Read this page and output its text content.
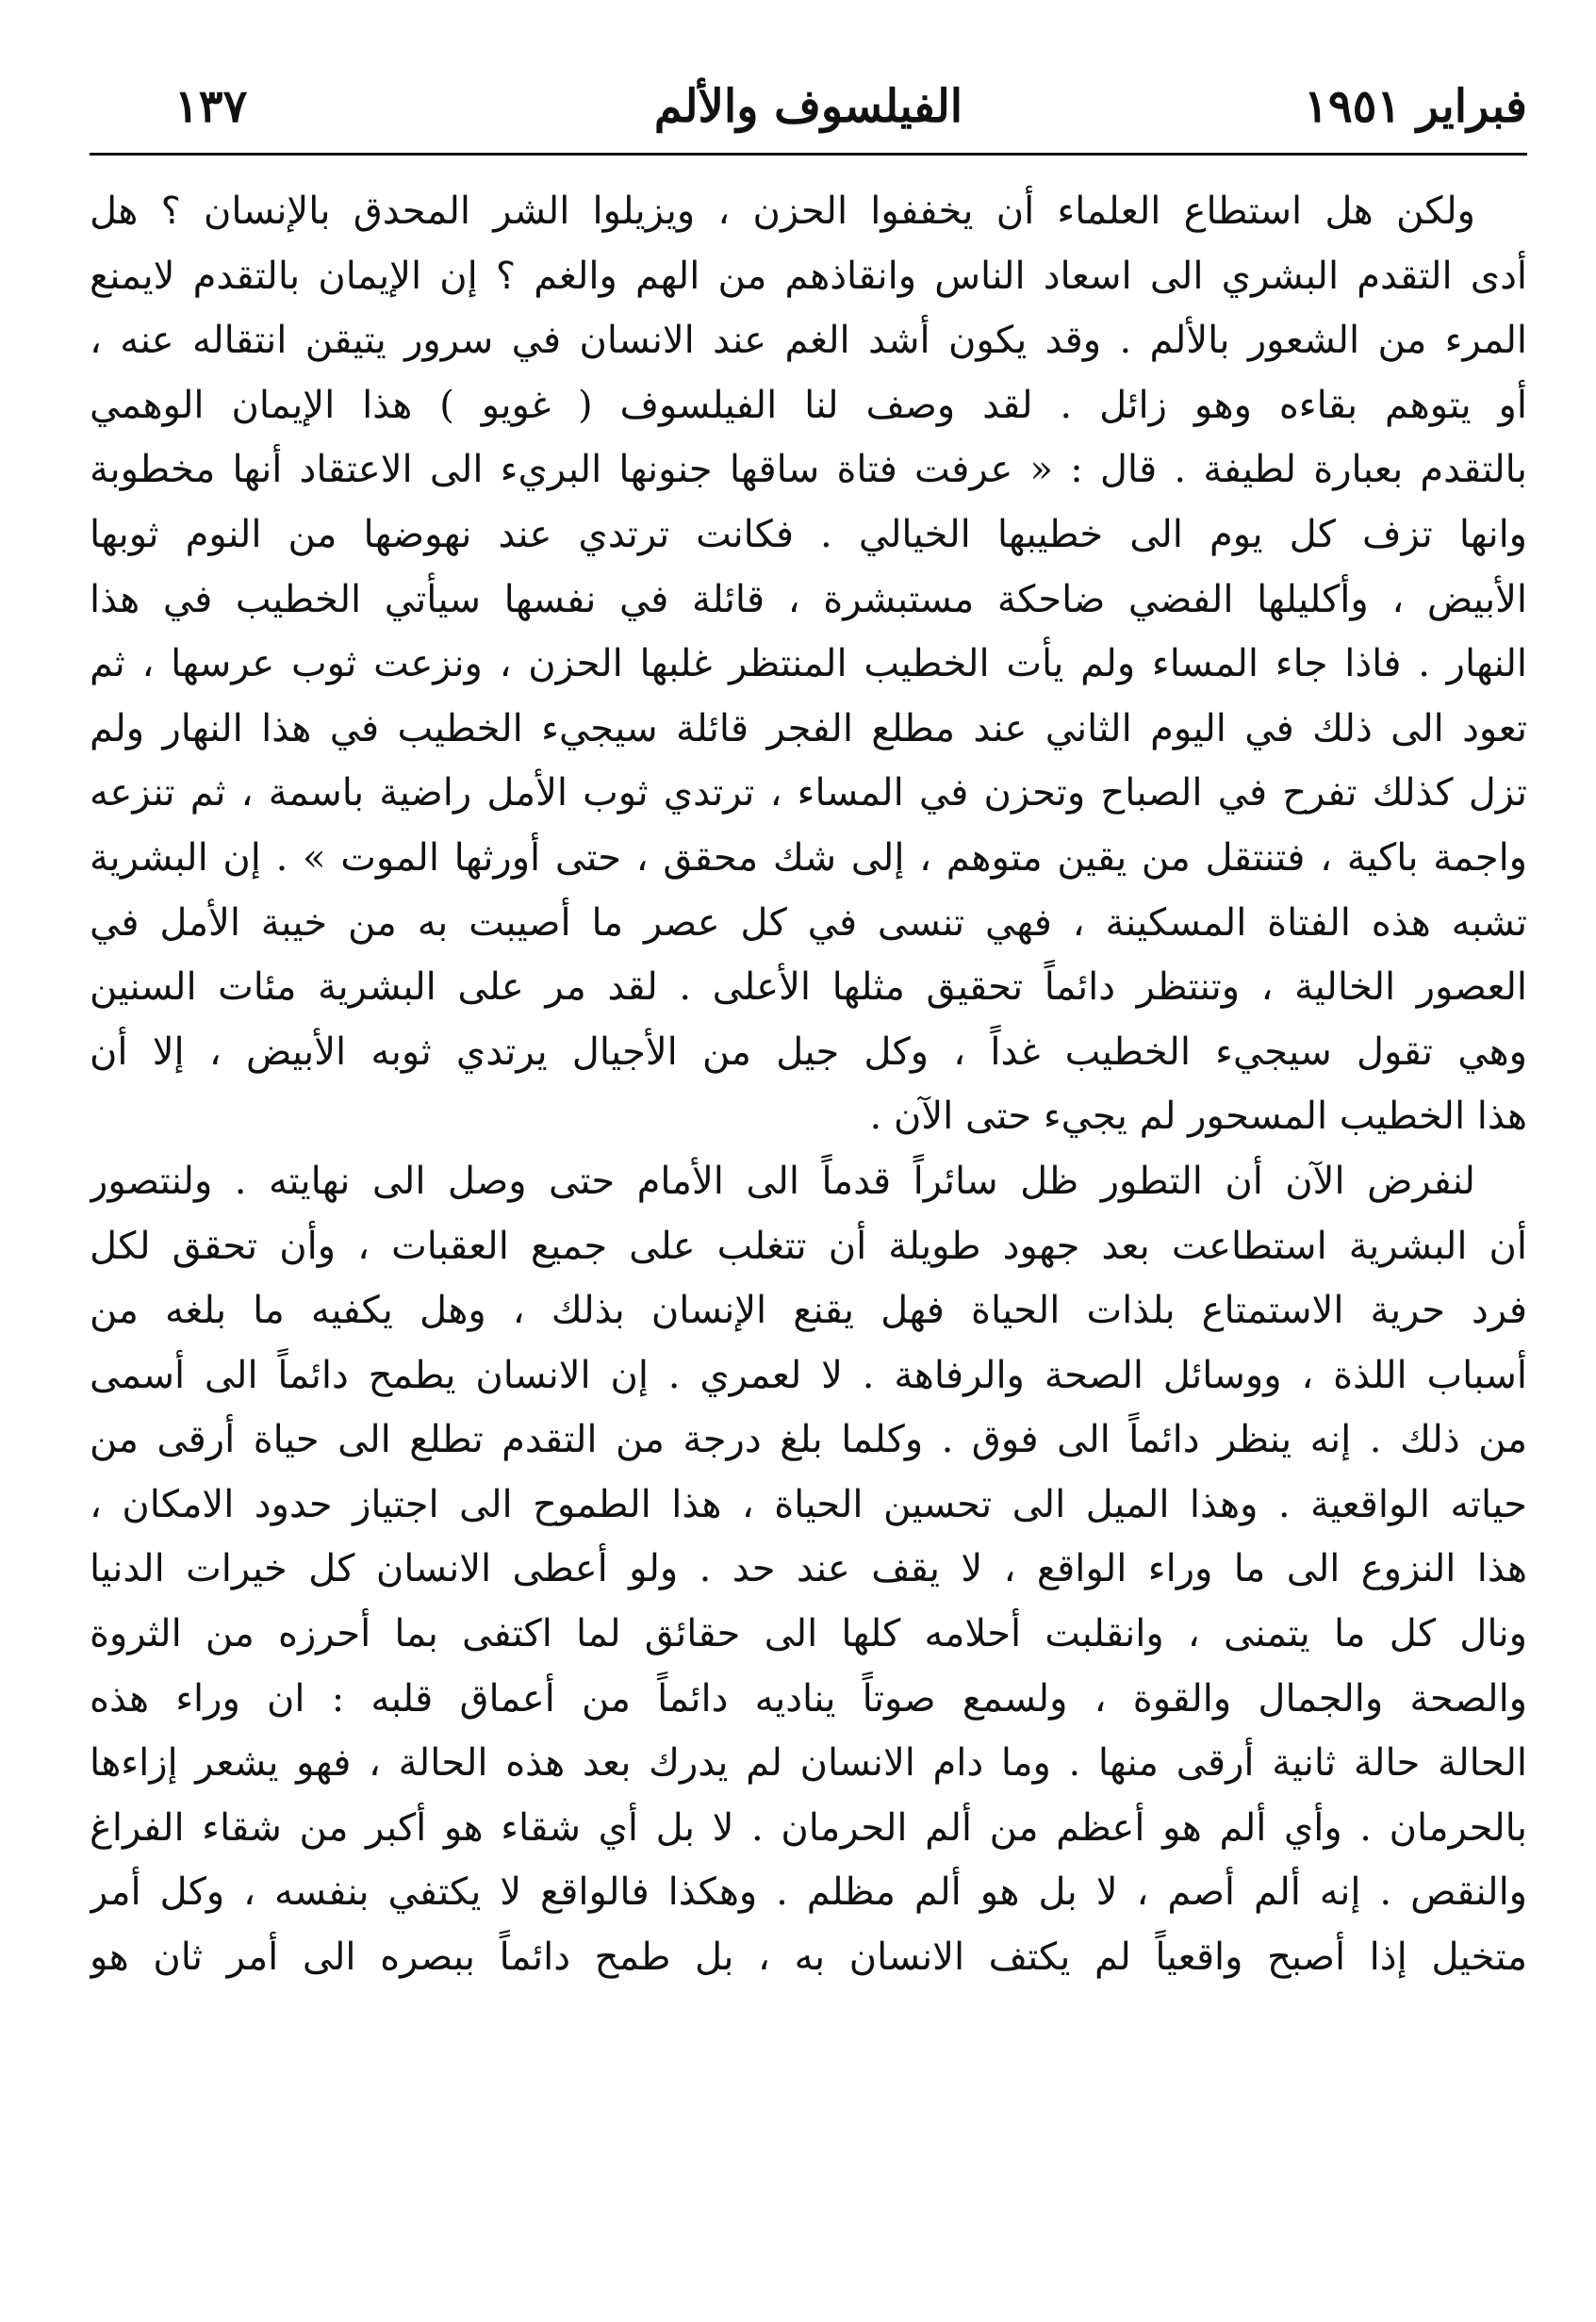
فبراير ١٩٥١
الفيلسوف والألم
١٣٧
ولكن هل استطاع العلماء أن يخففوا الحزن ، ويزيلوا الشر المحدق بالإنسان ؟ هل
أدى التقدم البشري الى اسعاد الناس وانقاذهم من الهم والغم ؟ إن الإيمان بالتقدم لايمنع
المرء من الشعور بالألم . وقد يكون أشد الغم عند الانسان في سرور يتيقن انتقاله عنه ،
أو يتوهم بقاءه وهو زائل . لقد وصف لنا الفيلسوف ( غويو ) هذا الإيمان الوهمي
بالتقدم بعبارة لطيفة . قال : « عرفت فتاة ساقها جنونها البريء الى الاعتقاد أنها مخطوبة
وانها تزف كل يوم الى خطيبها الخيالي . فكانت ترتدي عند نهوضها من النوم ثوبها
الأبيض ، وأكليلها الفضي ضاحكة مستبشرة ، قائلة في نفسها سيأتي الخطيب في هذا
النهار . فاذا جاء المساء ولم يأت الخطيب المنتظر غلبها الحزن ، ونزعت ثوب عرسها ، ثم
تعود الى ذلك في اليوم الثاني عند مطلع الفجر قائلة سيجيء الخطيب في هذا النهار ولم
تزل كذلك تفرح في الصباح وتحزن في المساء ، ترتدي ثوب الأمل راضية باسمة ، ثم تنزعه
واجمة باكية ، فتنتقل من يقين متوهم ، إلى شك محقق ، حتى أورثها الموت » . إن البشرية
تشبه هذه الفتاة المسكينة ، فهي تنسى في كل عصر ما أصيبت به من خيبة الأمل في
العصور الخالية ، وتنتظر دائماً تحقيق مثلها الأعلى . لقد مر على البشرية مئات السنين
وهي تقول سيجيء الخطيب غداً ، وكل جيل من الأجيال يرتدي ثوبه الأبيض ، إلا أن
هذا الخطيب المسحور لم يجيء حتى الآن .
لنفرض الآن أن التطور ظل سائراً قدماً الى الأمام حتى وصل الى نهايته . ولنتصور
أن البشرية استطاعت بعد جهود طويلة أن تتغلب على جميع العقبات ، وأن تحقق لكل
فرد حرية الاستمتاع بلذات الحياة فهل يقنع الإنسان بذلك ، وهل يكفيه ما بلغه من
أسباب اللذة ، ووسائل الصحة والرفاهة . لا لعمري . إن الانسان يطمح دائماً الى أسمى
من ذلك . إنه ينظر دائماً الى فوق . وكلما بلغ درجة من التقدم تطلع الى حياة أرقى من
حياته الواقعية . وهذا الميل الى تحسين الحياة ، هذا الطموح الى اجتياز حدود الامكان ،
هذا النزوع الى ما وراء الواقع ، لا يقف عند حد . ولو أعطى الانسان كل خيرات الدنيا
ونال كل ما يتمنى ، وانقلبت أحلامه كلها الى حقائق لما اكتفى بما أحرزه من الثروة
والصحة والجمال والقوة ، ولسمع صوتاً يناديه دائماً من أعماق قلبه : ان وراء هذه
الحالة حالة ثانية أرقى منها . وما دام الانسان لم يدرك بعد هذه الحالة ، فهو يشعر إزاءها
بالحرمان . وأي ألم هو أعظم من ألم الحرمان . لا بل أي شقاء هو أكبر من شقاء الفراغ
والنقص . إنه ألم أصم ، لا بل هو ألم مظلم . وهكذا فالواقع لا يكتفي بنفسه ، وكل أمر
متخيل إذا أصبح واقعياً لم يكتف الانسان به ، بل طمح دائماً ببصره الى أمر ثان هو
